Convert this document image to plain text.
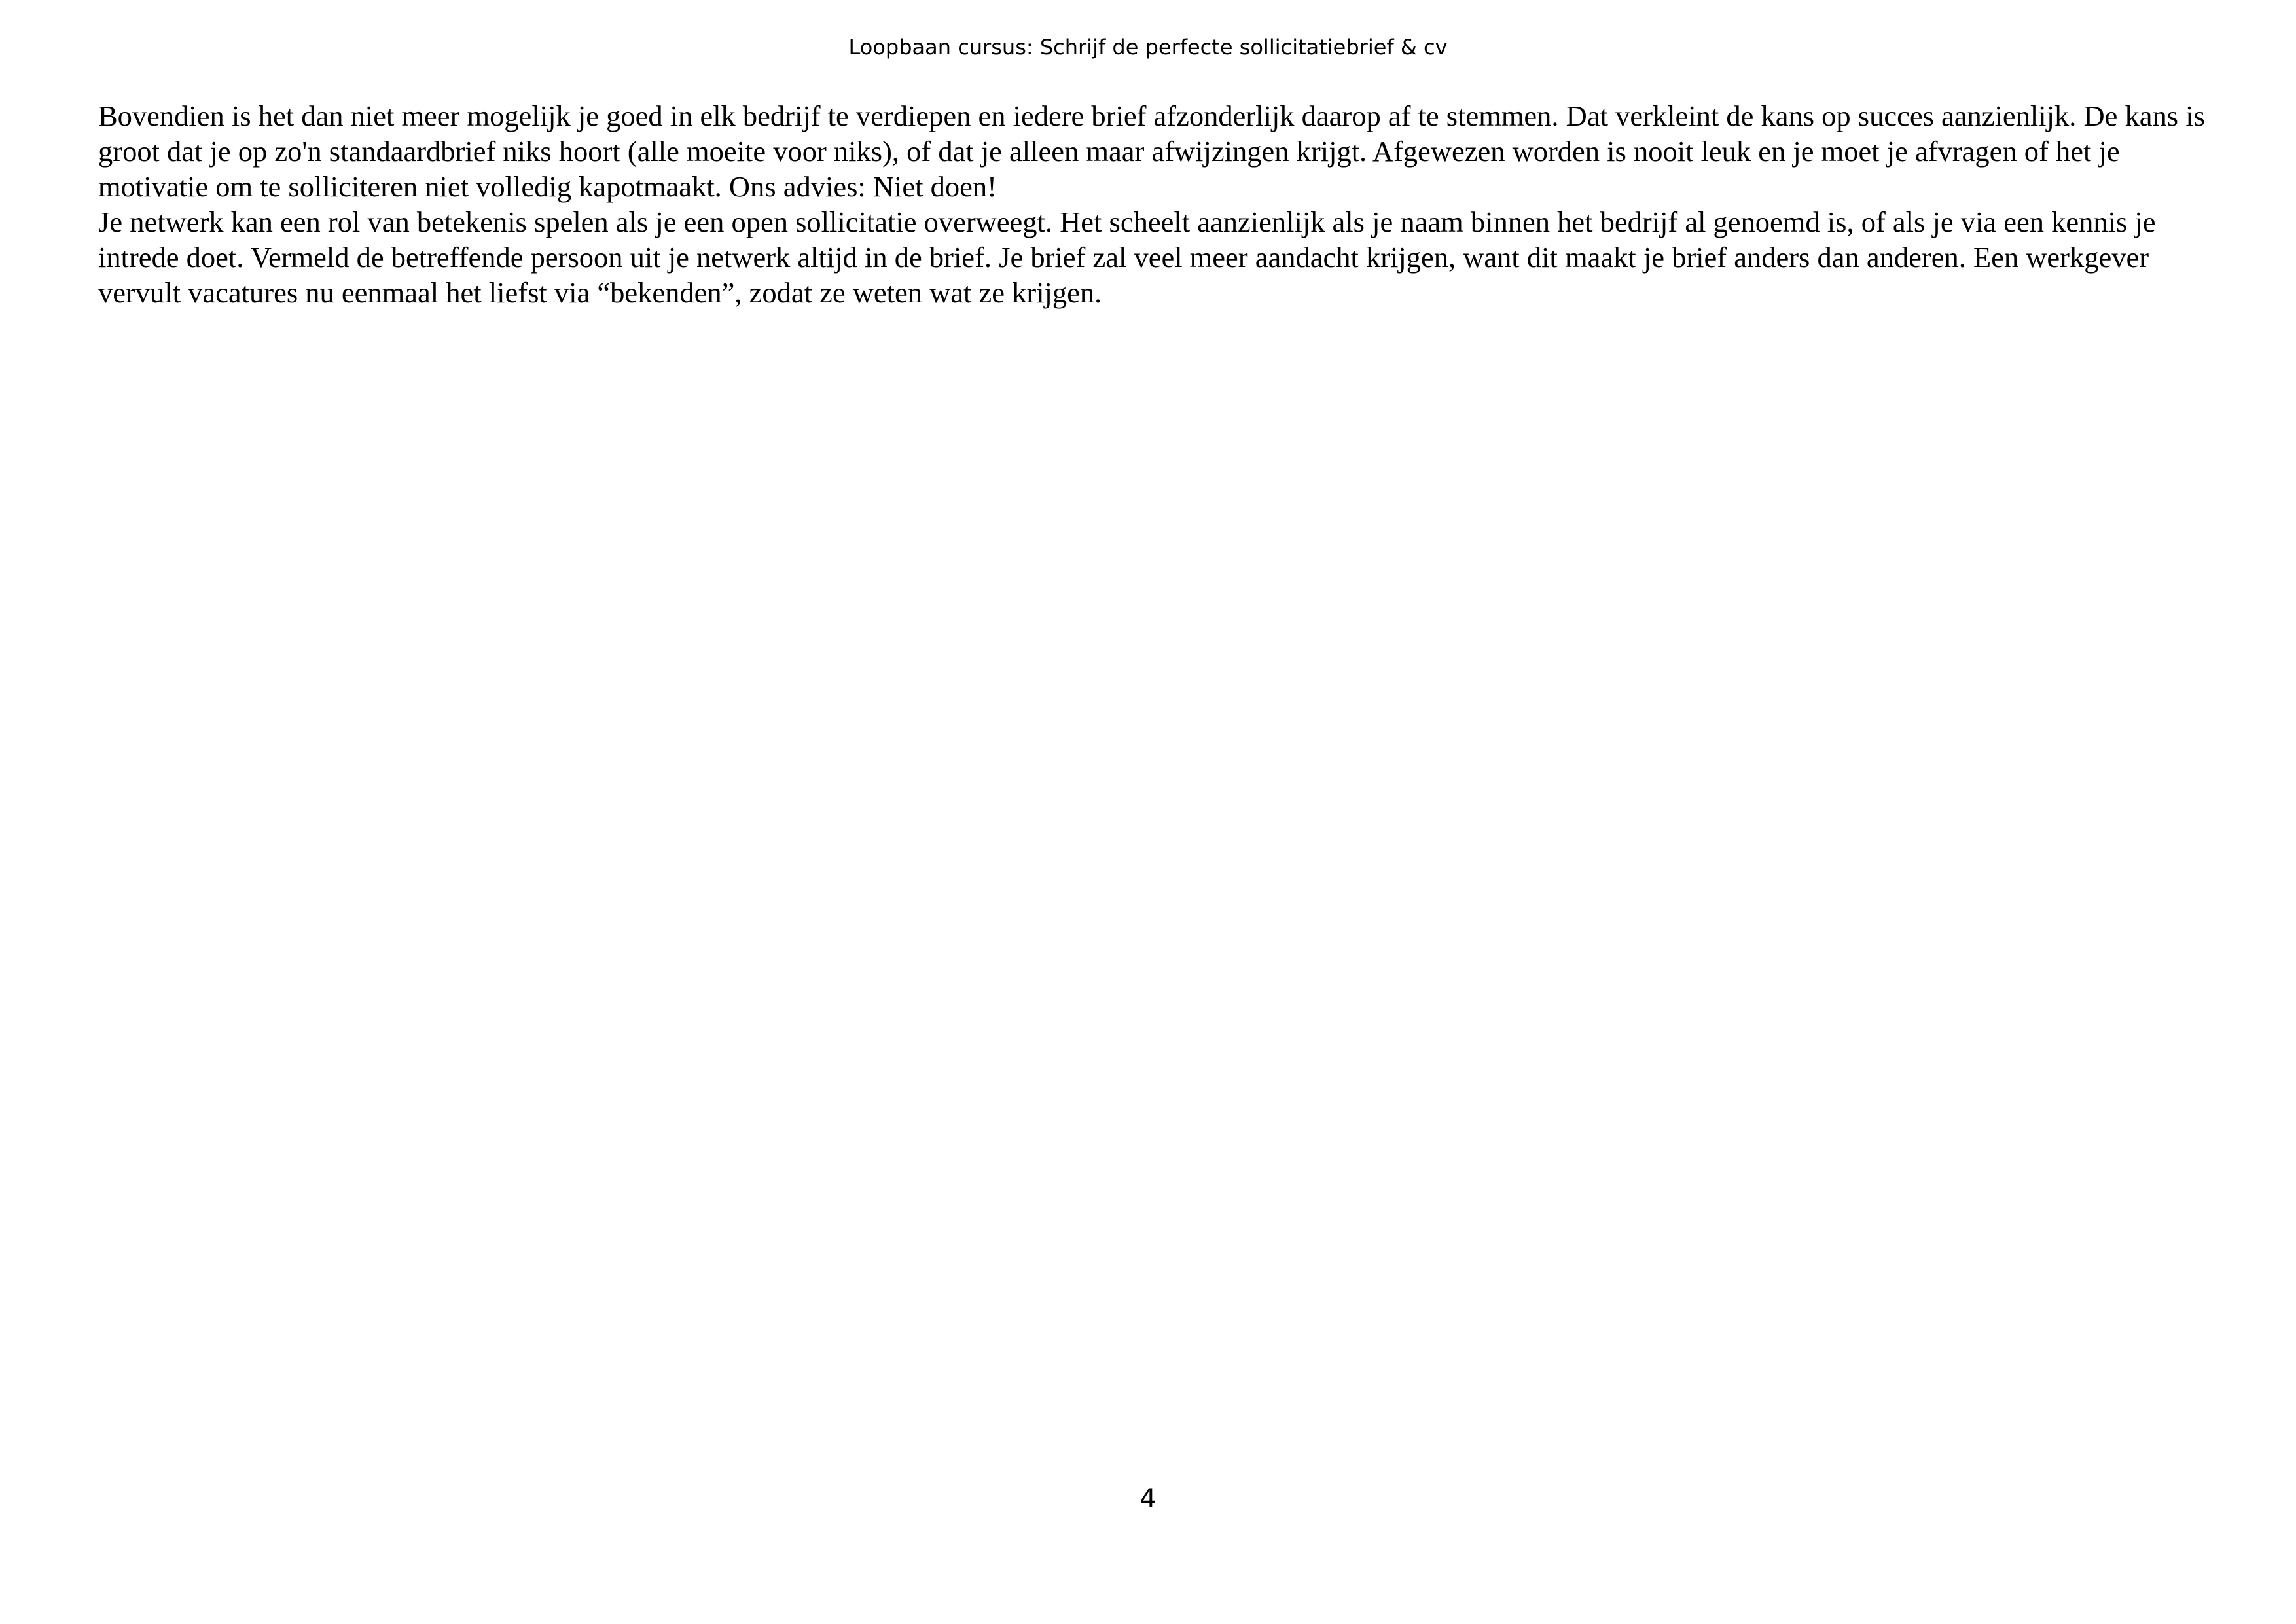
Loopbaan cursus: Schrijf de perfecte sollicitatiebrief & cv

Bovendien is het dan niet meer mogelijk je goed in elk bedrijf te verdiepen en iedere brief afzonderlijk daarop af te stemmen. Dat verkleint de kans op succes aanzienlijk. De kans is groot dat je op zo'n standaardbrief niks hoort (alle moeite voor niks), of dat je alleen maar afwijzingen krijgt. Afgewezen worden is nooit leuk en je moet je afvragen of het je motivatie om te solliciteren niet volledig kapotmaakt. Ons advies: Niet doen!

Je netwerk kan een rol van betekenis spelen als je een open sollicitatie overweegt. Het scheelt aanzienlijk als je naam binnen het bedrijf al genoemd is, of als je via een kennis je intrede doet. Vermeld de betreffende persoon uit je netwerk altijd in de brief. Je brief zal veel meer aandacht krijgen, want dit maakt je brief anders dan anderen. Een werkgever vervult vacatures nu eenmaal het liefst via “bekenden”, zodat ze weten wat ze krijgen.

4
